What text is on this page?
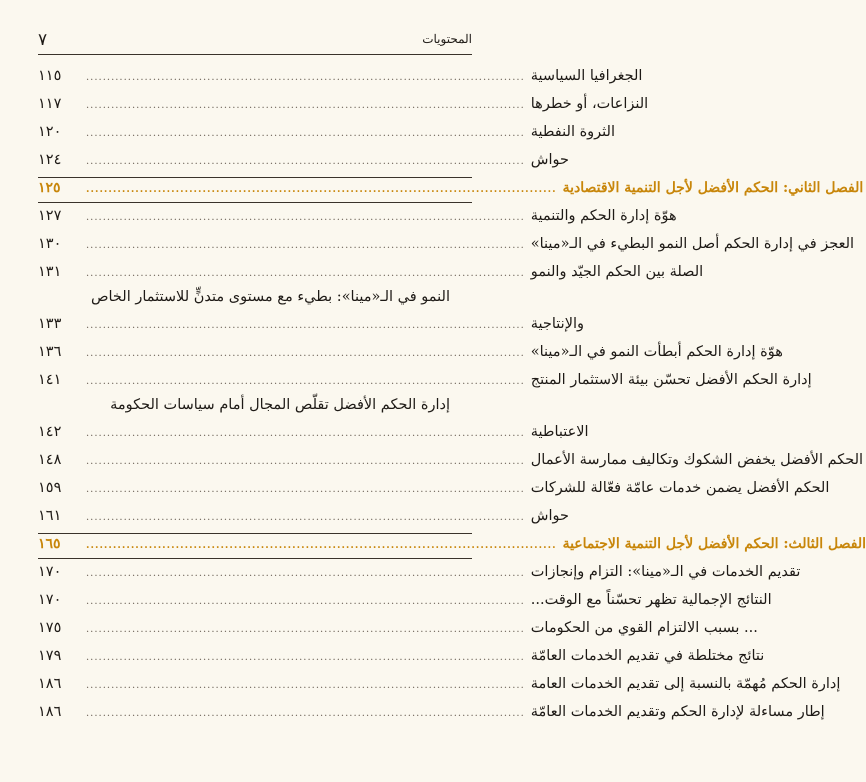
٧	المحتويات
١١٥	......................................................................................................... الجغرافيا السياسية
١١٧	......................................................................................................... النزاعات، أو خطرها
١٢٠	......................................................................................................... الثروة النفطية
١٢٤	......................................................................................................... حواش
١٢٥	......................................................................................................... الفصل الثاني: الحكم الأفضل لأجل التنمية الاقتصادية
١٢٧	......................................................................................................... هوّة إدارة الحكم والتنمية
١٣٠	......................................................................................................... العجز في إدارة الحكم أصل النمو البطيء في الـ«مينا»
١٣١	......................................................................................................... الصلة بين الحكم الجيّد والنمو
النمو في الـ«مينا»: بطيء مع مستوى متدنٍّ للاستثمار الخاص
١٣٣	......................................................................................................... والإنتاجية
١٣٦	......................................................................................................... هوّة إدارة الحكم أبطأت النمو في الـ«مينا»
١٤١	......................................................................................................... إدارة الحكم الأفضل تحسّن بيئة الاستثمار المنتج
إدارة الحكم الأفضل تقلّص المجال أمام سياسات الحكومة
١٤٢	......................................................................................................... الاعتباطية
١٤٨	......................................................................................................... الحكم الأفضل يخفض الشكوك وتكاليف ممارسة الأعمال
١٥٩	......................................................................................................... الحكم الأفضل يضمن خدمات عامّة فعّالة للشركات
١٦١	......................................................................................................... حواش
١٦٥	......................................................................................................... الفصل الثالث: الحكم الأفضل لأجل التنمية الاجتماعية
١٧٠	......................................................................................................... تقديم الخدمات في الـ«مينا»: التزام وإنجازات
١٧٠	......................................................................................................... النتائج الإجمالية تظهر تحسّناً مع الوقت...
١٧٥	......................................................................................................... ... بسبب الالتزام القوي من الحكومات
١٧٩	......................................................................................................... نتائج مختلطة في تقديم الخدمات العامّة
١٨٦	......................................................................................................... إدارة الحكم مُهمّة بالنسبة إلى تقديم الخدمات العامة
١٨٦	......................................................................................................... إطار مساءلة لإدارة الحكم وتقديم الخدمات العامّة
